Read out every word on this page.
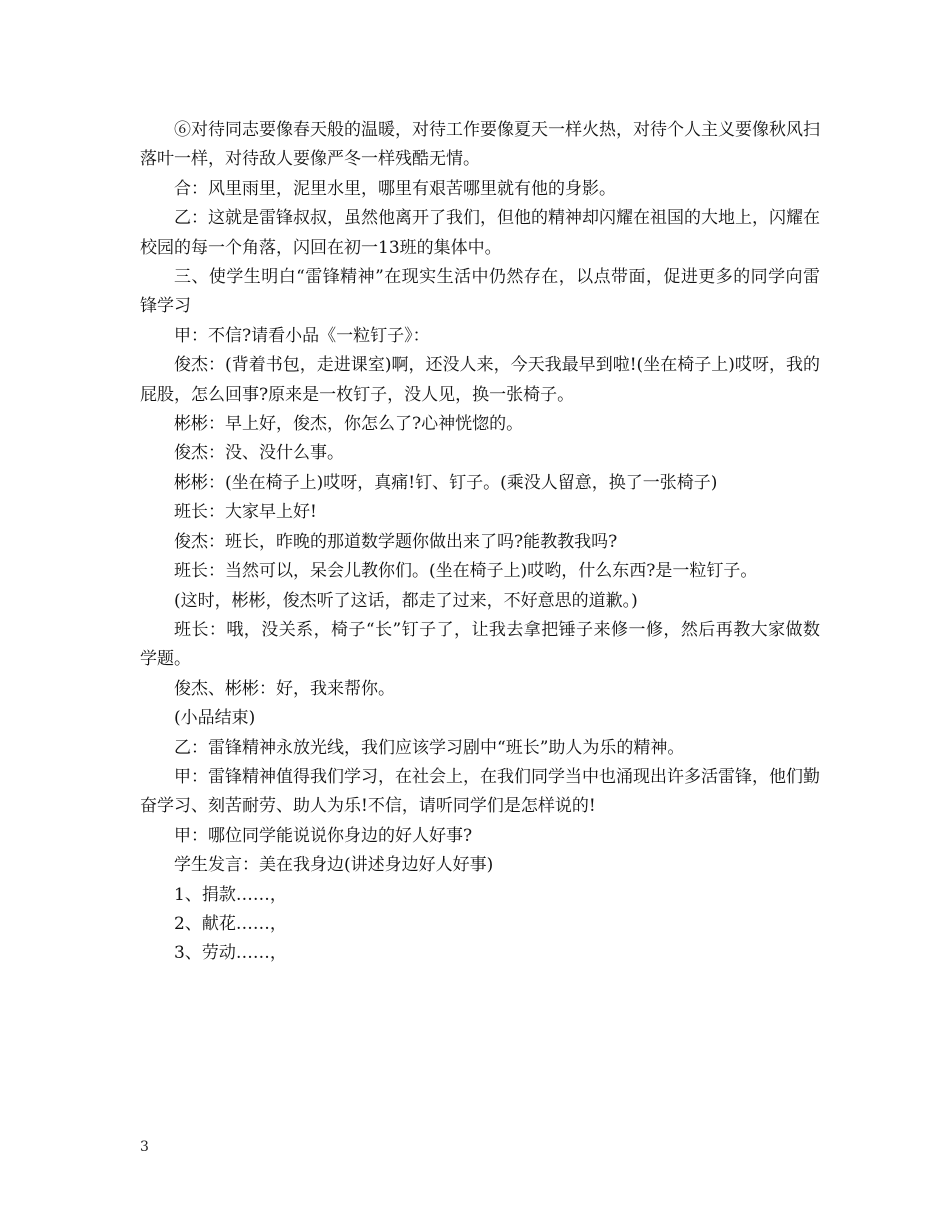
⑥对待同志要像春天般的温暖，对待工作要像夏天一样火热，对待个人主义要像秋风扫落叶一样，对待敌人要像严冬一样残酷无情。

合：风里雨里，泥里水里，哪里有艰苦哪里就有他的身影。

乙：这就是雷锋叔叔，虽然他离开了我们，但他的精神却闪耀在祖国的大地上，闪耀在校园的每一个角落，闪回在初一13班的集体中。

三、使学生明白“雷锋精神”在现实生活中仍然存在，以点带面，促进更多的同学向雷锋学习

甲：不信?请看小品《一粒钉子》：

俊杰：(背着书包，走进课室)啊，还没人来，今天我最早到啦!(坐在椅子上)哎呀，我的屁股，怎么回事?原来是一枚钉子，没人见，换一张椅子。

彬彬：早上好，俊杰，你怎么了?心神恍惚的。

俊杰：没、没什么事。

彬彬：(坐在椅子上)哎呀，真痛!钉、钉子。(乘没人留意，换了一张椅子)

班长：大家早上好!

俊杰：班长，昨晚的那道数学题你做出来了吗?能教教我吗?

班长：当然可以，呆会儿教你们。(坐在椅子上)哎哟，什么东西?是一粒钉子。

(这时，彬彬，俊杰听了这话，都走了过来，不好意思的道歉。)

班长：哦，没关系，椅子“长”钉子了，让我去拿把锤子来修一修，然后再教大家做数学题。

俊杰、彬彬：好，我来帮你。

(小品结束)

乙：雷锋精神永放光线，我们应该学习剧中“班长”助人为乐的精神。

甲：雷锋精神值得我们学习，在社会上，在我们同学当中也涌现出许多活雷锋，他们勤奋学习、刻苦耐劳、助人为乐!不信，请听同学们是怎样说的!

甲：哪位同学能说说你身边的好人好事?

学生发言：美在我身边(讲述身边好人好事)

1、捐款……，

2、献花……，

3、劳动……，

3
